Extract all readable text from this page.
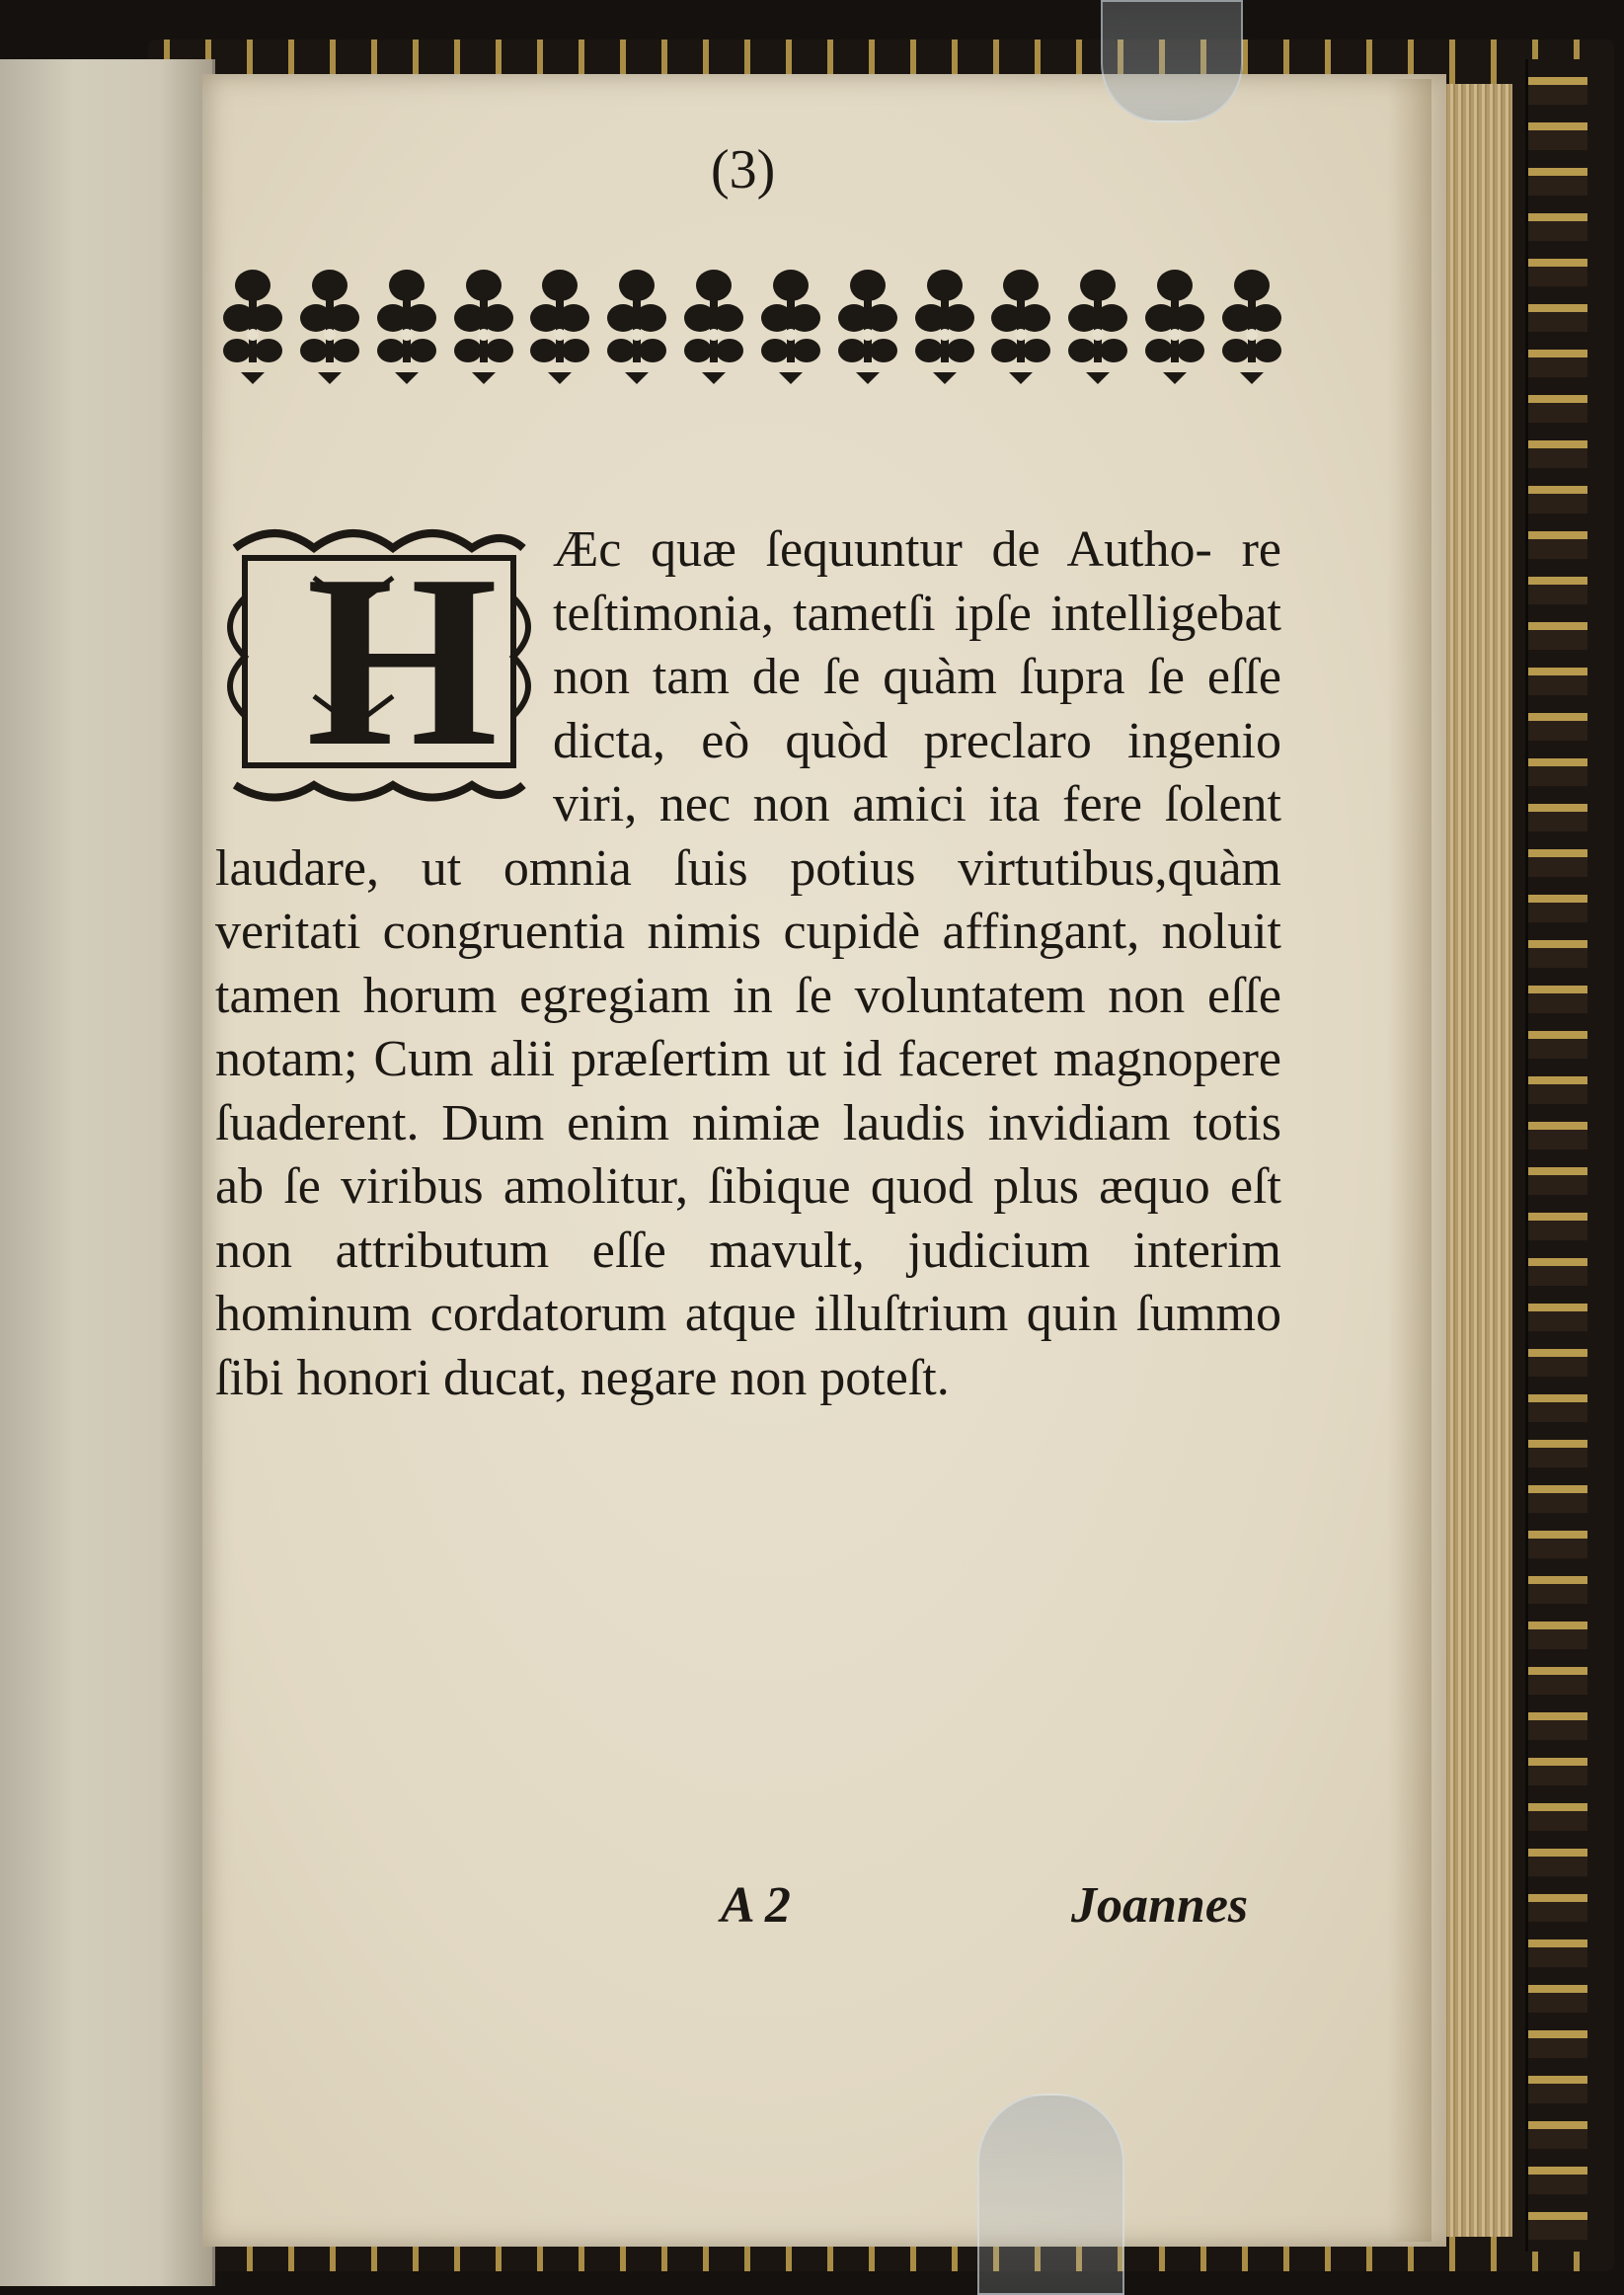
(3)
H Æc quæ ſequuntur de Autho- re teſtimonia, tametſi ipſe intelligebat non tam de ſe quàm ſupra ſe eſſe dicta, eò quòd preclaro ingenio viri, nec non amici ita fere ſolent laudare, ut omnia ſuis potius virtutibus,quàm veritati congruentia nimis cupidè affingant, noluit tamen horum egregiam in ſe voluntatem non eſſe notam; Cum alii præſertim ut id faceret magnopere ſuaderent. Dum enim nimiæ laudis invidiam totis ab ſe viribus amolitur, ſibique quod plus æquo eſt non attributum eſſe mavult, judicium interim hominum cordatorum atque illuſtrium quin ſummo ſibi honori ducat, negare non poteſt.
A 2	Joannes
